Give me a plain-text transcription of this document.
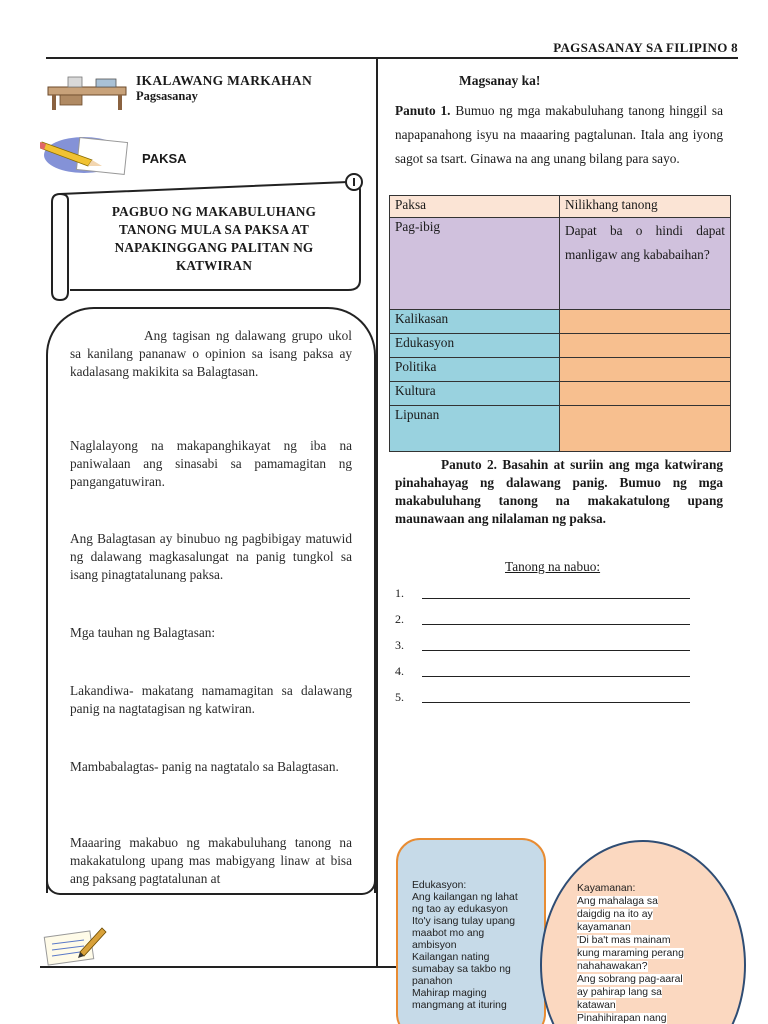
PAGSASANAY SA FILIPINO 8
IKALAWANG MARKAHAN
Pagsasanay
PAKSA
PAGBUO NG MAKABULUHANG
TANONG MULA SA PAKSA AT
NAPAKINGGANG PALITAN NG
KATWIRAN
Ang tagisan ng dalawang grupo ukol sa kanilang pananaw o opinion sa isang paksa ay kadalasang makikita sa Balagtasan.
Naglalayong na makapanghikayat ng iba na paniwalaan ang sinasabi sa pamamagitan ng pangangatuwiran.
Ang Balagtasan ay binubuo ng pagbibigay matuwid ng dalawang magkasalungat na panig tungkol sa isang pinagtatalunang paksa.
Mga tauhan ng Balagtasan:
Lakandiwa- makatang namamagitan sa dalawang panig na nagtatagisan ng katwiran.
Mambabalagtas- panig na nagtatalo sa Balagtasan.
Maaaring makabuo ng makabuluhang tanong na makakatulong upang mas mabigyang linaw at bisa ang paksang pagtatalunan at
Magsanay ka!
Panuto 1. Bumuo ng mga makabuluhang tanong hinggil sa napapanahong isyu na maaaring pagtalunan. Itala ang iyong sagot sa tsart. Ginawa na ang unang bilang para sayo.
Paksa	Nilikhang tanong
Pag-ibig	Dapat ba o hindi dapat manligaw ang kababaihan?

Kalikasan	
Edukasyon	
Politika	
Kultura	
Lipunan	
Panuto 2. Basahin at suriin ang mga katwirang pinahahayag ng dalawang panig. Bumuo ng mga makabuluhang tanong na makakatulong upang maunawaan ang nilalaman ng paksa.
Tanong na nabuo:
1.
2.
3.
4.
5.
Edukasyon:
Ang kailangan ng lahat
ng tao ay edukasyon
Ito'y isang tulay upang
maabot mo ang
ambisyon
Kailangan nating
sumabay sa takbo ng
panahon
Mahirap maging
mangmang at ituring
Kayamanan:
Ang mahalaga sa
daigdig na ito ay
kayamanan
'Di ba't mas mainam
kung maraming perang
nahahawakan?
Ang sobrang pag-aaral
ay pahirap lang sa
katawan
Pinahihirapan nang
